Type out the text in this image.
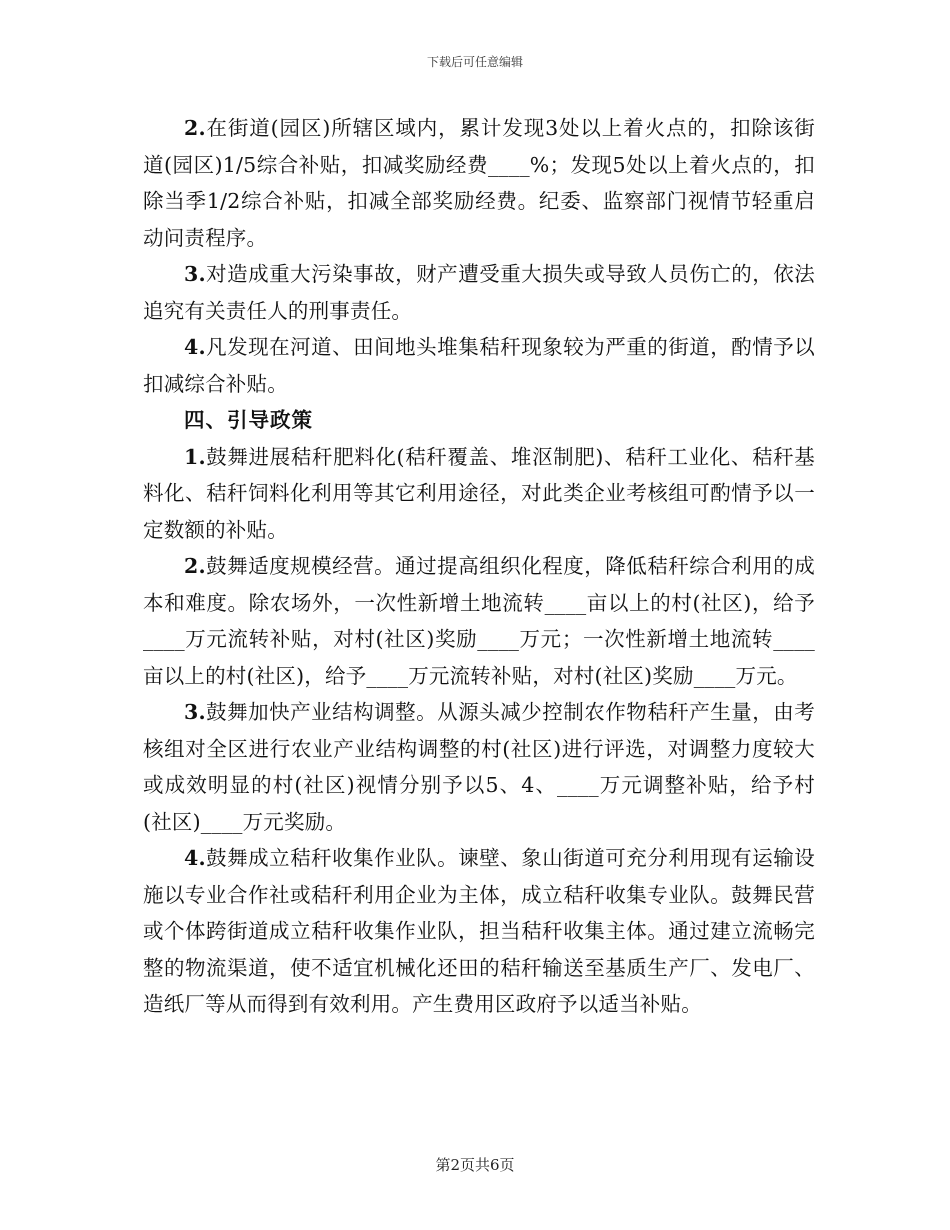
下载后可任意编辑

2.在街道(园区)所辖区域内，累计发现3处以上着火点的，扣除该街道(园区)1/5综合补贴，扣减奖励经费____%；发现5处以上着火点的，扣除当季1/2综合补贴，扣减全部奖励经费。纪委、监察部门视情节轻重启动问责程序。

3.对造成重大污染事故，财产遭受重大损失或导致人员伤亡的，依法追究有关责任人的刑事责任。

4.凡发现在河道、田间地头堆集秸秆现象较为严重的街道，酌情予以扣减综合补贴。

四、引导政策

1.鼓舞进展秸秆肥料化(秸秆覆盖、堆沤制肥)、秸秆工业化、秸秆基料化、秸秆饲料化利用等其它利用途径，对此类企业考核组可酌情予以一定数额的补贴。

2.鼓舞适度规模经营。通过提高组织化程度，降低秸秆综合利用的成本和难度。除农场外，一次性新增土地流转____亩以上的村(社区)，给予____万元流转补贴，对村(社区)奖励____万元；一次性新增土地流转____亩以上的村(社区)，给予____万元流转补贴，对村(社区)奖励____万元。

3.鼓舞加快产业结构调整。从源头减少控制农作物秸秆产生量，由考核组对全区进行农业产业结构调整的村(社区)进行评选，对调整力度较大或成效明显的村(社区)视情分别予以5、4、____万元调整补贴，给予村(社区)____万元奖励。

4.鼓舞成立秸秆收集作业队。谏壁、象山街道可充分利用现有运输设施以专业合作社或秸秆利用企业为主体，成立秸秆收集专业队。鼓舞民营或个体跨街道成立秸秆收集作业队，担当秸秆收集主体。通过建立流畅完整的物流渠道，使不适宜机械化还田的秸秆输送至基质生产厂、发电厂、造纸厂等从而得到有效利用。产生费用区政府予以适当补贴。

第2页共6页
